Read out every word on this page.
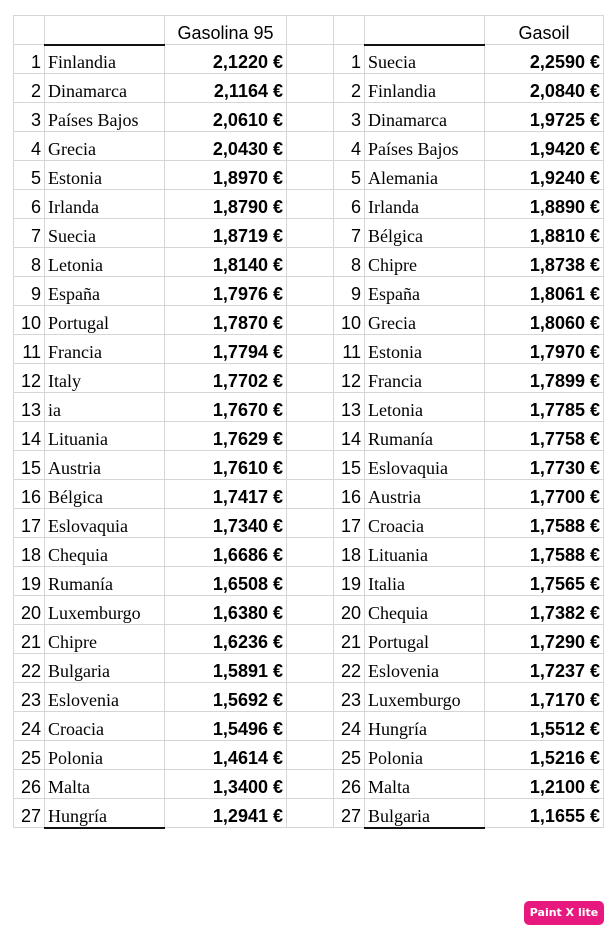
		Gasolina 95				Gasoil
1	Finlandia	2,1220 €		1	Suecia	2,2590 €
2	Dinamarca	2,1164 €		2	Finlandia	2,0840 €
3	Países Bajos	2,0610 €		3	Dinamarca	1,9725 €
4	Grecia	2,0430 €		4	Países Bajos	1,9420 €
5	Estonia	1,8970 €		5	Alemania	1,9240 €
6	Irlanda	1,8790 €		6	Irlanda	1,8890 €
7	Suecia	1,8719 €		7	Bélgica	1,8810 €
8	Letonia	1,8140 €		8	Chipre	1,8738 €
9	España	1,7976 €		9	España	1,8061 €
10	Portugal	1,7870 €		10	Grecia	1,8060 €
11	Francia	1,7794 €		11	Estonia	1,7970 €
12	Italy	1,7702 €		12	Francia	1,7899 €
13	ia	1,7670 €		13	Letonia	1,7785 €
14	Lituania	1,7629 €		14	Rumanía	1,7758 €
15	Austria	1,7610 €		15	Eslovaquia	1,7730 €
16	Bélgica	1,7417 €		16	Austria	1,7700 €
17	Eslovaquia	1,7340 €		17	Croacia	1,7588 €
18	Chequia	1,6686 €		18	Lituania	1,7588 €
19	Rumanía	1,6508 €		19	Italia	1,7565 €
20	Luxemburgo	1,6380 €		20	Chequia	1,7382 €
21	Chipre	1,6236 €		21	Portugal	1,7290 €
22	Bulgaria	1,5891 €		22	Eslovenia	1,7237 €
23	Eslovenia	1,5692 €		23	Luxemburgo	1,7170 €
24	Croacia	1,5496 €		24	Hungría	1,5512 €
25	Polonia	1,4614 €		25	Polonia	1,5216 €
26	Malta	1,3400 €		26	Malta	1,2100 €
27	Hungría	1,2941 €		27	Bulgaria	1,1655 €
Paint X lite
